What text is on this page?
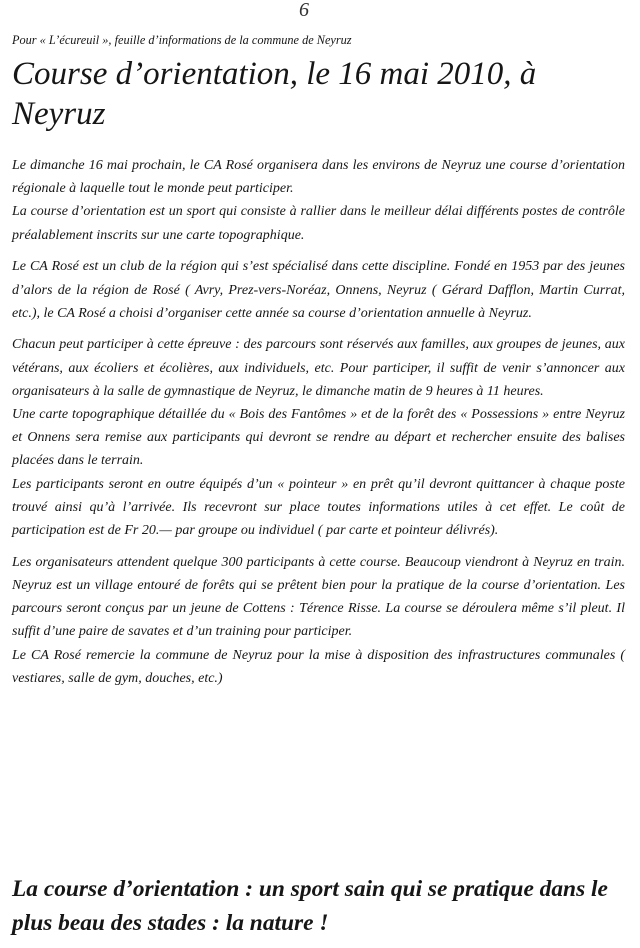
6
Pour « L’écureuil », feuille d’informations de la commune de Neyruz
Course d’orientation, le 16 mai 2010, à Neyruz

Le dimanche 16 mai prochain, le CA Rosé organisera dans les environs de Neyruz une course d’orientation régionale à laquelle tout le monde peut participer.

La course d’orientation est un sport qui consiste à rallier dans le meilleur délai différents postes de contrôle préalablement inscrits sur une carte topographique.

Le CA Rosé est un club de la région qui s’est spécialisé dans cette discipline. Fondé en 1953 par des jeunes d’alors de la région de Rosé ( Avry, Prez-vers-Noréaz, Onnens, Neyruz ( Gérard Dafflon, Martin Currat, etc.), le CA Rosé a choisi d’organiser cette année sa course d’orientation annuelle à Neyruz.

Chacun peut participer à cette épreuve : des parcours sont réservés aux familles, aux groupes de jeunes, aux vétérans, aux écoliers et écolières, aux individuels, etc. Pour participer, il suffit de venir s’annoncer aux organisateurs à la salle de gymnastique de Neyruz, le dimanche matin de 9 heures à 11 heures.

Une carte topographique détaillée du « Bois des Fantômes » et de la forêt des « Possessions » entre Neyruz et Onnens sera remise aux participants qui devront se rendre au départ et rechercher ensuite des balises placées dans le terrain.

Les participants seront en outre équipés d’un « pointeur » en prêt qu’il devront quittancer à chaque poste trouvé ainsi qu’à l’arrivée. Ils recevront sur place toutes informations utiles à cet effet. Le coût de participation est de Fr 20.— par groupe ou individuel ( par carte et pointeur délivrés).

Les organisateurs attendent quelque 300 participants à cette course. Beaucoup viendront à Neyruz en train. Neyruz est un village entouré de forêts qui se prêtent bien pour la pratique de la course d’orientation. Les parcours seront conçus par un jeune de Cottens : Térence Risse. La course se déroulera même s’il pleut. Il suffit d’une paire de savates et d’un training pour participer.

Le CA Rosé remercie la commune de Neyruz pour la mise à disposition des infrastructures communales ( vestiares, salle de gym, douches, etc.)

La course d’orientation : un sport sain qui se pratique dans le plus beau des stades : la nature !
